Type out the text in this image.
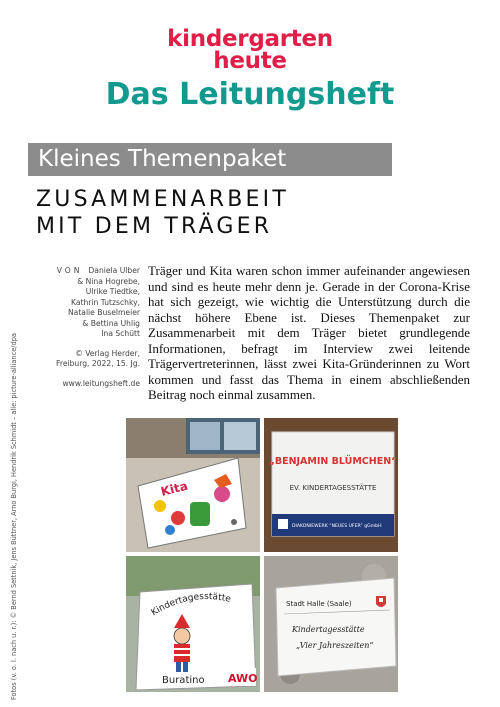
kindergarten
heute
Das Leitungsheft
Kleines Themenpaket
ZUSAMMENARBEIT
MIT DEM TRÄGER
VON Daniela Ulber
& Nina Hogrebe,
Ulrike Tiedtke,
Kathrin Tutzschky,
Natalie Buselmeier
& Bettina Uhlig
Ina Schütt
© Verlag Herder,
Freiburg, 2022, 15. Jg.
www.leitungsheft.de
Träger und Kita waren schon immer aufeinander angewiesen und sind es heute mehr denn je. Gerade in der Corona-Krise hat sich gezeigt, wie wichtig die Unterstützung durch die nächst höhere Ebene ist. Dieses Themenpaket zur Zusammenarbeit mit dem Träger bietet grundlegende Informationen, befragt im Interview zwei leitende Trägervertreterinnen, lässt zwei Kita-Gründerinnen zu Wort kommen und fasst das Thema in einem abschließenden Beitrag noch einmal zusammen.
Fotos (v. o. l. nach u. r.): © Bernd Settnik, Jens Büttner, Arno Burgi, Hendrik Schmidt – alle: picture-alliance/dpa	Kita
„BENJAMIN BLÜMCHEN“
EV. KINDERTAGESSTÄTTE
DIAKONIEWERK “NEUES UFER” gGmbH
Kindertagesstätte
Buratino AWO
Stadt Halle (Saale)
Kindertagesstätte
„Vier Jahreszeiten“
